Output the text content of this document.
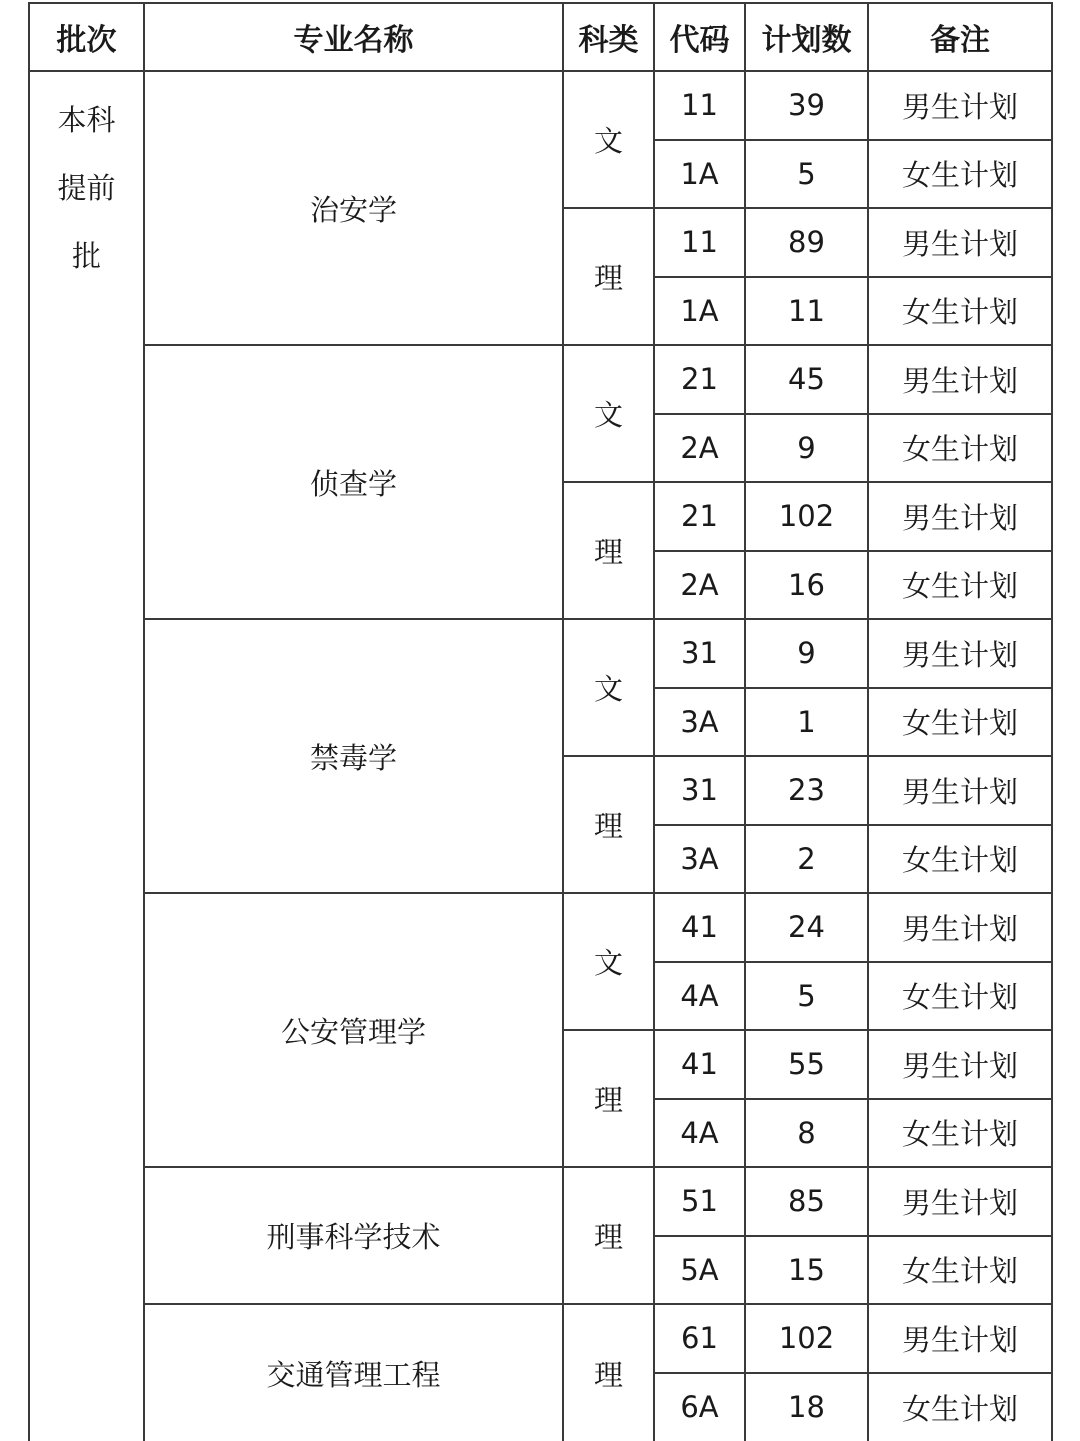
批次	专业名称	科类	代码	计划数	备注

本科
提前
批	治安学	文	11	39	男生计划
			1A	5	女生计划
		理	11	89	男生计划
			1A	11	女生计划
	侦查学	文	21	45	男生计划
			2A	9	女生计划
		理	21	102	男生计划
			2A	16	女生计划
	禁毒学	文	31	9	男生计划
			3A	1	女生计划
		理	31	23	男生计划
			3A	2	女生计划
	公安管理学	文	41	24	男生计划
			4A	5	女生计划
		理	41	55	男生计划
			4A	8	女生计划
	刑事科学技术	理	51	85	男生计划
			5A	15	女生计划
	交通管理工程	理	61	102	男生计划
			6A	18	女生计划
